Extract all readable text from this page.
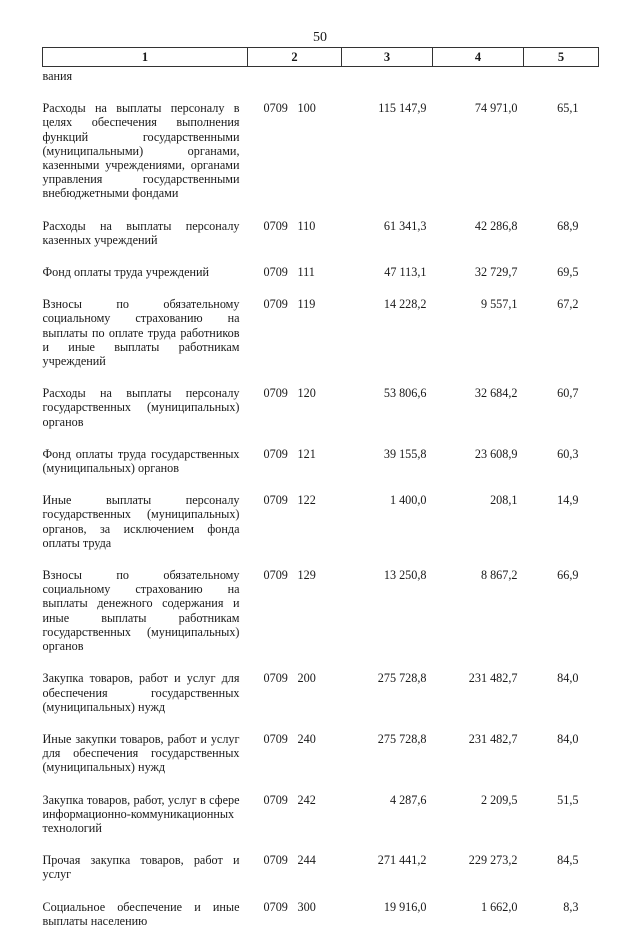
50
1	2	3	4	5
вания				

Расходы на выплаты персоналу в целях обеспечения выполнения функций государственными (муниципальными) органами, казенными учреждениями, органами управления государственными внебюджетными фондами	0709 100	115 147,9	74 971,0	65,1

Расходы на выплаты персоналу казенных учреждений	0709 110	61 341,3	42 286,8	68,9

Фонд оплаты труда учреждений	0709 111	47 113,1	32 729,7	69,5

Взносы по обязательному социальному страхованию на выплаты по оплате труда работников и иные выплаты работникам учреждений	0709 119	14 228,2	9 557,1	67,2

Расходы на выплаты персоналу государственных (муниципальных) органов	0709 120	53 806,6	32 684,2	60,7

Фонд оплаты труда государственных (муниципальных) органов	0709 121	39 155,8	23 608,9	60,3

Иные выплаты персоналу государственных (муниципальных) органов, за исключением фонда оплаты труда	0709 122	1 400,0	208,1	14,9

Взносы по обязательному социальному страхованию на выплаты денежного содержания и иные выплаты работникам государственных (муниципальных) органов	0709 129	13 250,8	8 867,2	66,9

Закупка товаров, работ и услуг для обеспечения государственных (муниципальных) нужд	0709 200	275 728,8	231 482,7	84,0

Иные закупки товаров, работ и услуг для обеспечения государственных (муниципальных) нужд	0709 240	275 728,8	231 482,7	84,0

Закупка товаров, работ, услуг в сфере информационно-коммуникационных технологий	0709 242	4 287,6	2 209,5	51,5

Прочая закупка товаров, работ и услуг	0709 244	271 441,2	229 273,2	84,5

Социальное обеспечение и иные выплаты населению	0709 300	19 916,0	1 662,0	8,3
